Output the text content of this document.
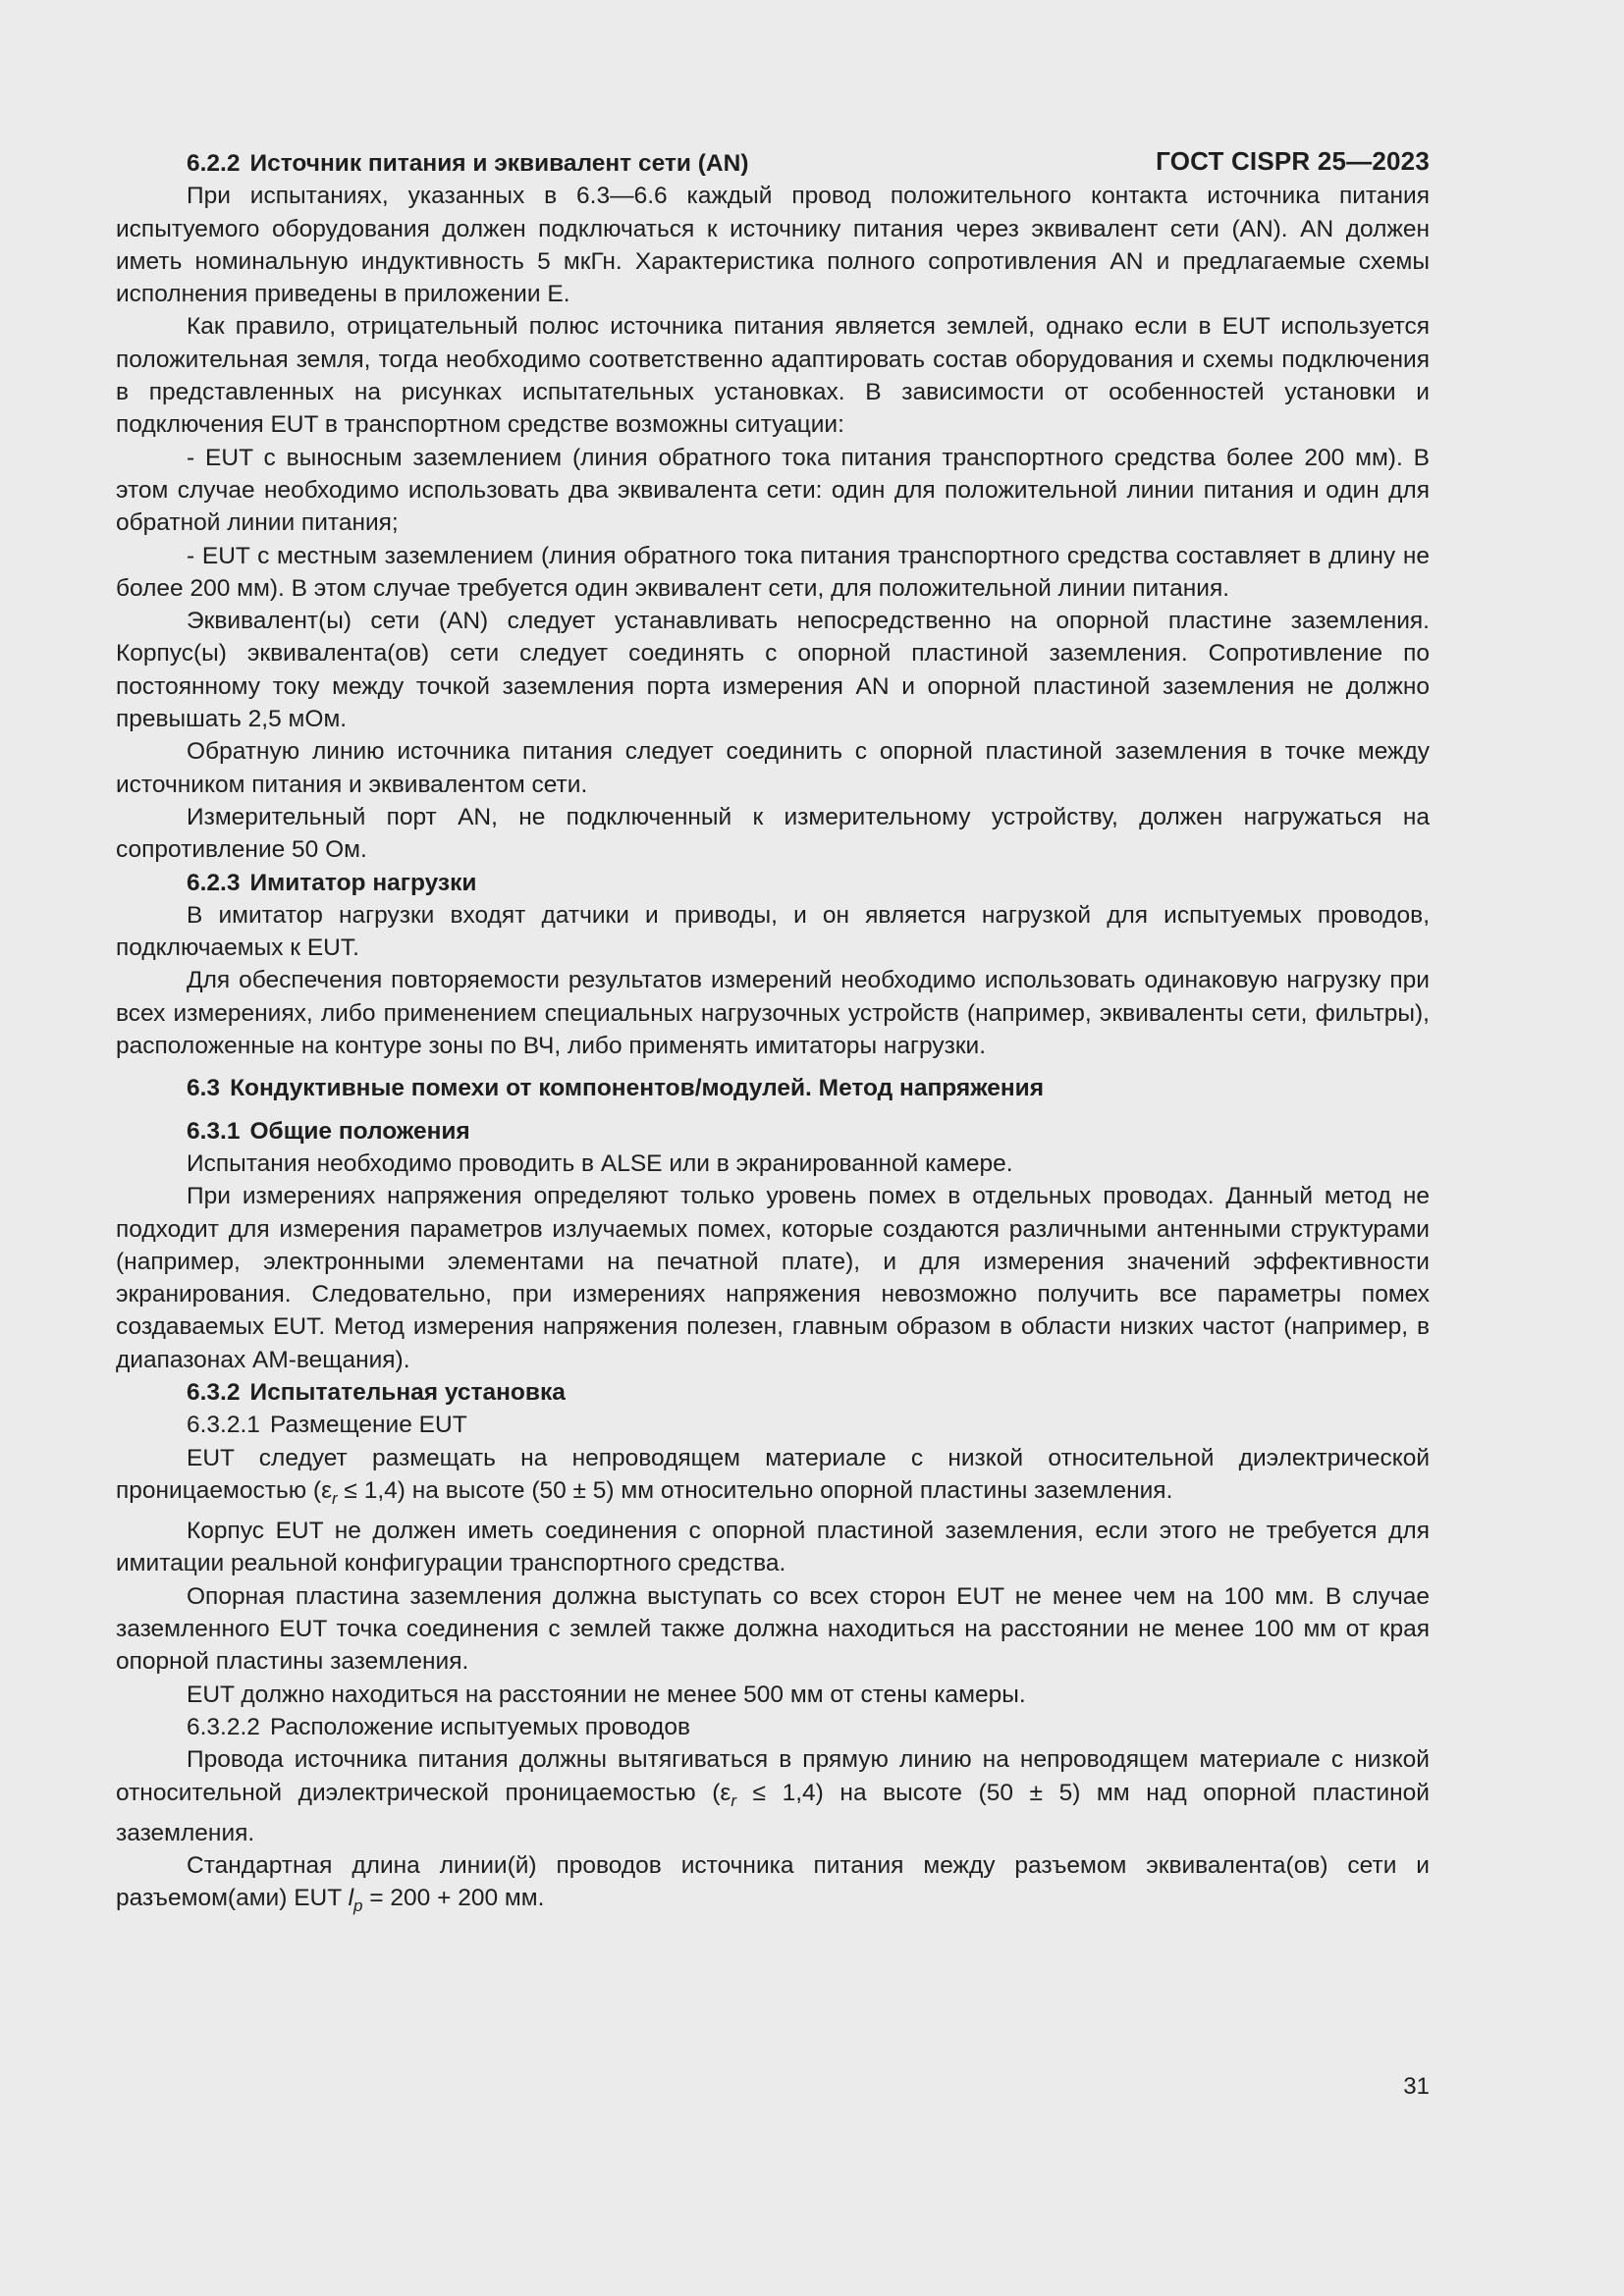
ГОСТ CISPR 25—2023
6.2.2 Источник питания и эквивалент сети (AN)

При испытаниях, указанных в 6.3—6.6 каждый провод положительного контакта источника питания испытуемого оборудования должен подключаться к источнику питания через эквивалент сети (AN). AN должен иметь номинальную индуктивность 5 мкГн. Характеристика полного сопротивления AN и предлагаемые схемы исполнения приведены в приложении Е.

Как правило, отрицательный полюс источника питания является землей, однако если в EUT используется положительная земля, тогда необходимо соответственно адаптировать состав оборудования и схемы подключения в представленных на рисунках испытательных установках. В зависимости от особенностей установки и подключения EUT в транспортном средстве возможны ситуации:

- EUT с выносным заземлением (линия обратного тока питания транспортного средства более 200 мм). В этом случае необходимо использовать два эквивалента сети: один для положительной линии питания и один для обратной линии питания;

- EUT с местным заземлением (линия обратного тока питания транспортного средства составляет в длину не более 200 мм). В этом случае требуется один эквивалент сети, для положительной линии питания.

Эквивалент(ы) сети (AN) следует устанавливать непосредственно на опорной пластине заземления. Корпус(ы) эквивалента(ов) сети следует соединять с опорной пластиной заземления. Сопротивление по постоянному току между точкой заземления порта измерения AN и опорной пластиной заземления не должно превышать 2,5 мОм.

Обратную линию источника питания следует соединить с опорной пластиной заземления в точке между источником питания и эквивалентом сети.

Измерительный порт AN, не подключенный к измерительному устройству, должен нагружаться на сопротивление 50 Ом.

6.2.3 Имитатор нагрузки

В имитатор нагрузки входят датчики и приводы, и он является нагрузкой для испытуемых проводов, подключаемых к EUT.

Для обеспечения повторяемости результатов измерений необходимо использовать одинаковую нагрузку при всех измерениях, либо применением специальных нагрузочных устройств (например, эквиваленты сети, фильтры), расположенные на контуре зоны по ВЧ, либо применять имитаторы нагрузки.

6.3 Кондуктивные помехи от компонентов/модулей. Метод напряжения
6.3.1 Общие положения

Испытания необходимо проводить в ALSE или в экранированной камере.

При измерениях напряжения определяют только уровень помех в отдельных проводах. Данный метод не подходит для измерения параметров излучаемых помех, которые создаются различными антенными структурами (например, электронными элементами на печатной плате), и для измерения значений эффективности экранирования. Следовательно, при измерениях напряжения невозможно получить все параметры помех создаваемых EUT. Метод измерения напряжения полезен, главным образом в области низких частот (например, в диапазонах АМ-вещания).

6.3.2 Испытательная установка
6.3.2.1 Размещение EUT

EUT следует размещать на непроводящем материале с низкой относительной диэлектрической проницаемостью $(\varepsilon_r \le 1,4)$ на высоте (50 ± 5) мм относительно опорной пластины заземления.

Корпус EUT не должен иметь соединения с опорной пластиной заземления, если этого не требуется для имитации реальной конфигурации транспортного средства.

Опорная пластина заземления должна выступать со всех сторон EUT не менее чем на 100 мм. В случае заземленного EUT точка соединения с землей также должна находиться на расстоянии не менее 100 мм от края опорной пластины заземления.

EUT должно находиться на расстоянии не менее 500 мм от стены камеры.

6.3.2.2 Расположение испытуемых проводов

Провода источника питания должны вытягиваться в прямую линию на непроводящем материале с низкой относительной диэлектрической проницаемостью $(\varepsilon_r \le 1,4)$ на высоте (50 ± 5) мм над опорной пластиной заземления.

Стандартная длина линии(й) проводов источника питания между разъемом эквивалента(ов) сети и разъемом(ами) EUT $l_p = 200 + 200$ мм.

31
